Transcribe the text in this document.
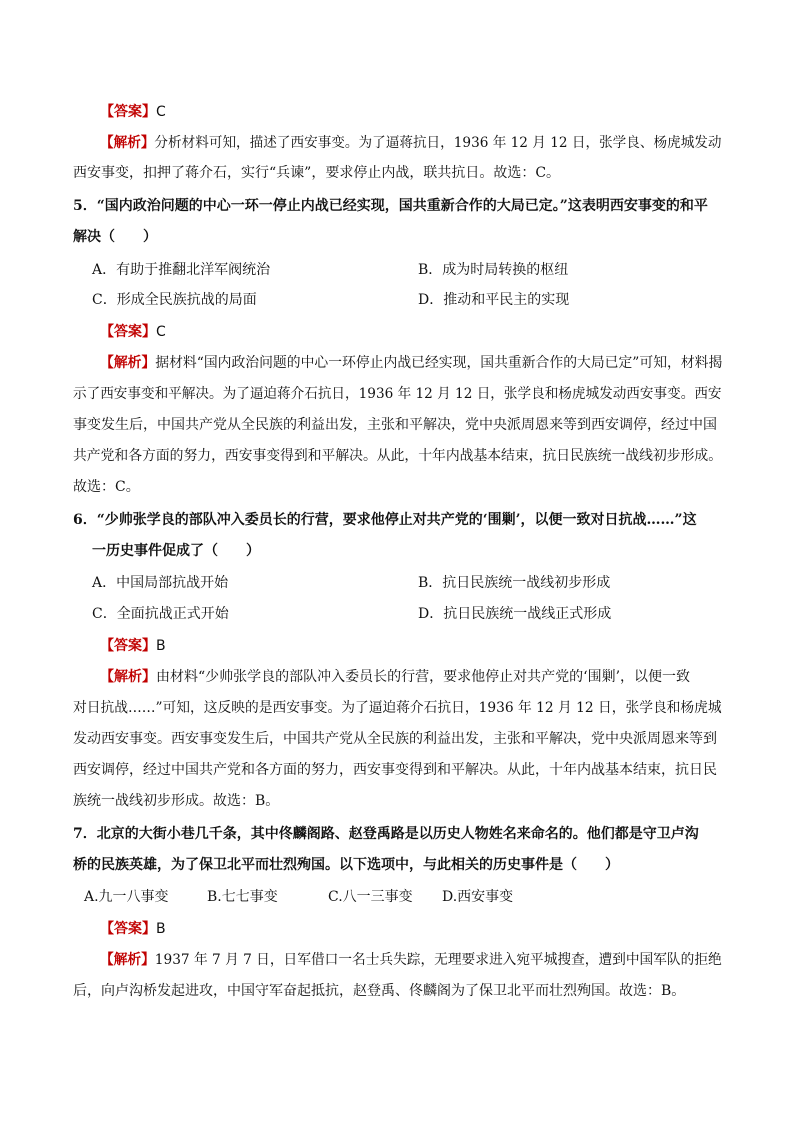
【答案】C
【解析】分析材料可知，描述了西安事变。为了逼蒋抗日，1936 年 12 月 12 日，张学良、杨虎城发动
西安事变，扣押了蒋介石，实行“兵谏”，要求停止内战，联共抗日。故选：C。
5．“国内政治问题的中心一环一停止内战已经实现，国共重新合作的大局已定。”这表明西安事变的和平
解决（　　）
A．有助于推翻北洋军阀统治	B．成为时局转换的枢纽
C．形成全民族抗战的局面	D．推动和平民主的实现
【答案】C
【解析】据材料“国内政治问题的中心一环停止内战已经实现，国共重新合作的大局已定”可知，材料揭
示了西安事变和平解决。为了逼迫蒋介石抗日，1936 年 12 月 12 日，张学良和杨虎城发动西安事变。西安
事变发生后，中国共产党从全民族的利益出发，主张和平解决，党中央派周恩来等到西安调停，经过中国
共产党和各方面的努力，西安事变得到和平解决。从此，十年内战基本结束，抗日民族统一战线初步形成。
故选：C。
6．“少帅张学良的部队冲入委员长的行营，要求他停止对共产党的‘围剿’，以便一致对日抗战……”这
一历史事件促成了（　　）
A．中国局部抗战开始	B．抗日民族统一战线初步形成
C．全面抗战正式开始	D．抗日民族统一战线正式形成
【答案】B
【解析】由材料“少帅张学良的部队冲入委员长的行营，要求他停止对共产党的‘围剿’，以便一致
对日抗战……”可知，这反映的是西安事变。为了逼迫蒋介石抗日，1936 年 12 月 12 日，张学良和杨虎城
发动西安事变。西安事变发生后，中国共产党从全民族的利益出发，主张和平解决，党中央派周恩来等到
西安调停，经过中国共产党和各方面的努力，西安事变得到和平解决。从此，十年内战基本结束，抗日民
族统一战线初步形成。故选：B。
7．北京的大街小巷几千条，其中佟麟阁路、赵登禹路是以历史人物姓名来命名的。他们都是守卫卢沟
桥的民族英雄，为了保卫北平而壮烈殉国。以下选项中，与此相关的历史事件是（　　）
A.九一八事变	B.七七事变	C.八一三事变 D.西安事变
【答案】B
【解析】1937 年 7 月 7 日，日军借口一名士兵失踪，无理要求进入宛平城搜查，遭到中国军队的拒绝
后，向卢沟桥发起进攻，中国守军奋起抵抗，赵登禹、佟麟阁为了保卫北平而壮烈殉国。故选：B。
